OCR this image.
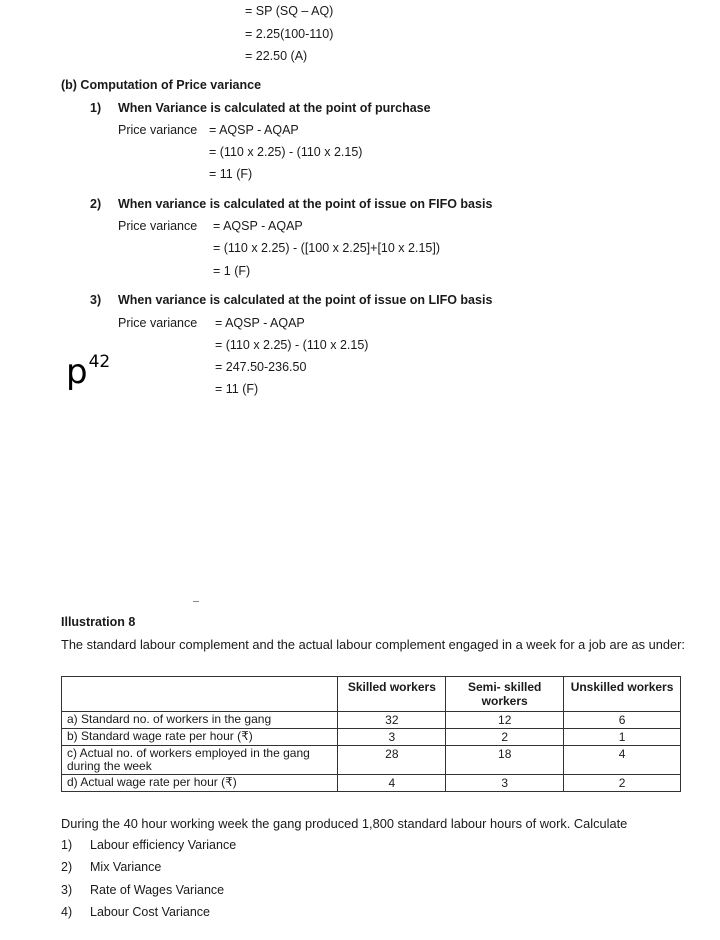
= SP (SQ – AQ)
= 2.25(100-110)
= 22.50 (A)
(b) Computation of Price variance
1) When Variance is calculated at the point of purchase
Price variance = AQSP - AQAP
= (110 x 2.25) - (110 x 2.15)
= 11 (F)
2) When variance is calculated at the point of issue on FIFO basis
Price variance = AQSP - AQAP
= (110 x 2.25) - ([100 x 2.25]+[10 x 2.15])
= 1 (F)
3) When variance is calculated at the point of issue on LIFO basis
Price variance = AQSP - AQAP
= (110 x 2.25) - (110 x 2.15)
= 247.50-236.50
= 11 (F)
$p^{42}$
Illustration 8
The standard labour complement and the actual labour complement engaged in a week for a job are as under:
	Skilled workers	Semi- skilled workers	Unskilled workers
a) Standard no. of workers in the gang	32	12	6
b) Standard wage rate per hour (₹)	3	2	1
c) Actual no. of workers employed in the gang during the week	28	18	4
d) Actual wage rate per hour (₹)	4	3	2
During the 40 hour working week the gang produced 1,800 standard labour hours of work. Calculate
1) Labour efficiency Variance
2) Mix Variance
3) Rate of Wages Variance
4) Labour Cost Variance
